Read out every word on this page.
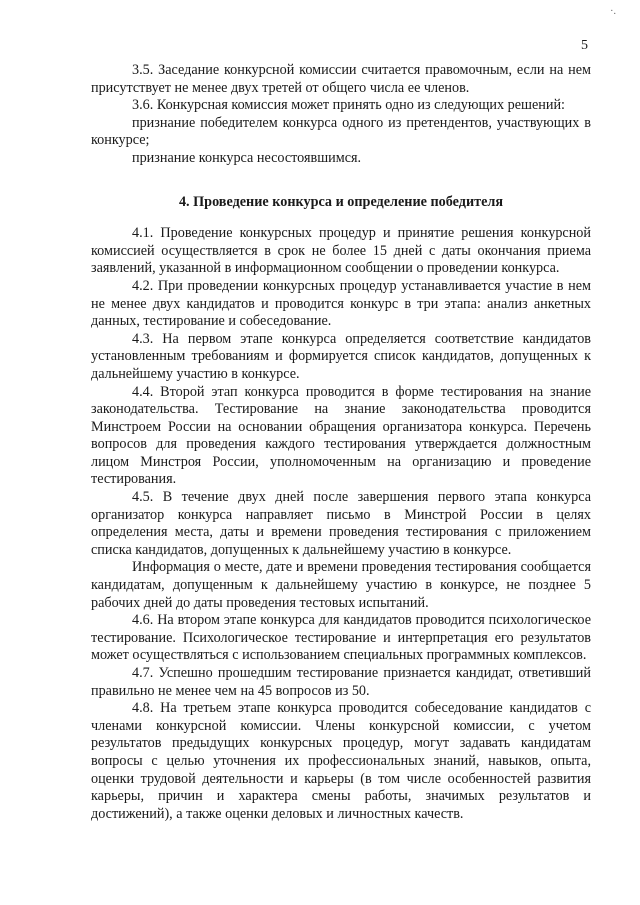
·.
5

3.5. Заседание конкурсной комиссии считается правомочным, если на нем присутствует не менее двух третей от общего числа ее членов.

3.6. Конкурсная комиссия может принять одно из следующих решений:

признание победителем конкурса одного из претендентов, участвующих в конкурсе;

признание конкурса несостоявшимся.

4. Проведение конкурса и определение победителя

4.1. Проведение конкурсных процедур и принятие решения конкурсной комиссией осуществляется в срок не более 15 дней с даты окончания приема заявлений, указанной в информационном сообщении о проведении конкурса.

4.2. При проведении конкурсных процедур устанавливается участие в нем не менее двух кандидатов и проводится конкурс в три этапа: анализ анкетных данных, тестирование и собеседование.

4.3. На первом этапе конкурса определяется соответствие кандидатов установленным требованиям и формируется список кандидатов, допущенных к дальнейшему участию в конкурсе.

4.4. Второй этап конкурса проводится в форме тестирования на знание законодательства. Тестирование на знание законодательства проводится Минстроем России на основании обращения организатора конкурса. Перечень вопросов для проведения каждого тестирования утверждается должностным лицом Минстроя России, уполномоченным на организацию и проведение тестирования.

4.5. В течение двух дней после завершения первого этапа конкурса организатор конкурса направляет письмо в Минстрой России в целях определения места, даты и времени проведения тестирования с приложением списка кандидатов, допущенных к дальнейшему участию в конкурсе.

Информация о месте, дате и времени проведения тестирования сообщается кандидатам, допущенным к дальнейшему участию в конкурсе, не позднее 5 рабочих дней до даты проведения тестовых испытаний.

4.6. На втором этапе конкурса для кандидатов проводится психологическое тестирование. Психологическое тестирование и интерпретация его результатов может осуществляться с использованием специальных программных комплексов.

4.7. Успешно прошедшим тестирование признается кандидат, ответивший правильно не менее чем на 45 вопросов из 50.

4.8. На третьем этапе конкурса проводится собеседование кандидатов с членами конкурсной комиссии. Члены конкурсной комиссии, с учетом результатов предыдущих конкурсных процедур, могут задавать кандидатам вопросы с целью уточнения их профессиональных знаний, навыков, опыта, оценки трудовой деятельности и карьеры (в том числе особенностей развития карьеры, причин и характера смены работы, значимых результатов и достижений), а также оценки деловых и личностных качеств.
